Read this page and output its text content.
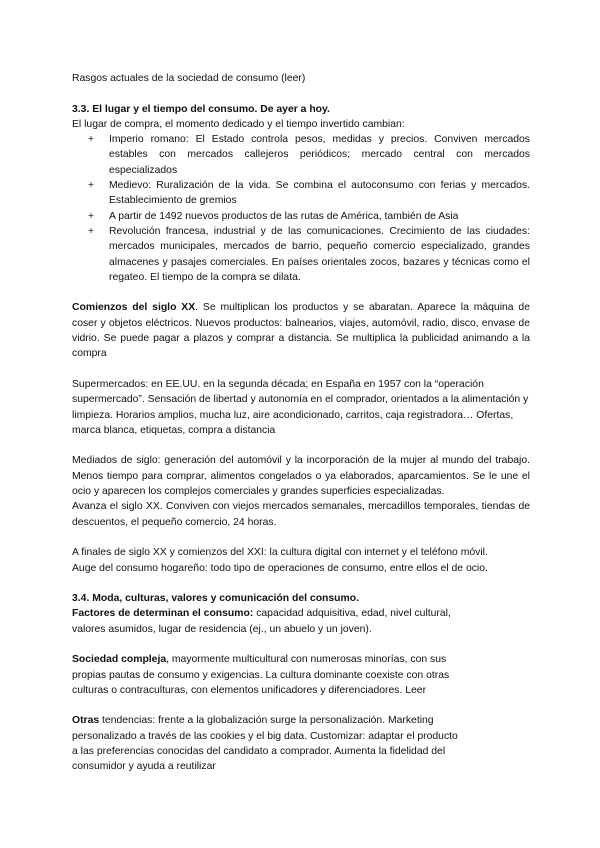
Rasgos actuales de la sociedad de consumo (leer)

3.3. El lugar y el tiempo del consumo. De ayer a hoy.

El lugar de compra, el momento dedicado y el tiempo invertido cambian:

+ Imperio romano: El Estado controla pesos, medidas y precios. Conviven mercados estables con mercados callejeros periódicos; mercado central con mercados especializados
+ Medievo: Ruralización de la vida. Se combina el autoconsumo con ferias y mercados. Establecimiento de gremios
+ A partir de 1492 nuevos productos de las rutas de América, también de Asia
+ Revolución francesa, industrial y de las comunicaciones. Crecimiento de las ciudades: mercados municipales, mercados de barrio, pequeño comercio especializado, grandes almacenes y pasajes comerciales. En países orientales zocos, bazares y técnicas como el regateo. El tiempo de la compra se dilata.

Comienzos del siglo XX. Se multiplican los productos y se abaratan. Aparece la máquina de coser y objetos eléctricos. Nuevos productos: balnearios, viajes, automóvil, radio, disco, envase de vidrio. Se puede pagar a plazos y comprar a distancia. Se multiplica la publicidad animando a la compra

Supermercados: en EE.UU. en la segunda década; en España en 1957 con la “operación supermercado”. Sensación de libertad y autonomía en el comprador, orientados a la alimentación y limpieza. Horarios amplios, mucha luz, aire acondicionado, carritos, caja registradora… Ofertas, marca blanca, etiquetas, compra a distancia

Mediados de siglo: generación del automóvil y la incorporación de la mujer al mundo del trabajo. Menos tiempo para comprar, alimentos congelados o ya elaborados, aparcamientos. Se le une el ocio y aparecen los complejos comerciales y grandes superficies especializadas.

Avanza el siglo XX. Conviven con viejos mercados semanales, mercadillos temporales, tiendas de descuentos, el pequeño comercio, 24 horas.

A finales de siglo XX y comienzos del XXI: la cultura digital con internet y el teléfono móvil.

Auge del consumo hogareño: todo tipo de operaciones de consumo, entre ellos el de ocio.

3.4. Moda, culturas, valores y comunicación del consumo.

Factores de determinan el consumo: capacidad adquisitiva, edad, nivel cultural,

valores asumidos, lugar de residencia (ej., un abuelo y un joven).

Sociedad compleja, mayormente multicultural con numerosas minorías, con sus

propias pautas de consumo y exigencias. La cultura dominante coexiste con otras

culturas o contraculturas, con elementos unificadores y diferenciadores. Leer

Otras tendencias: frente a la globalización surge la personalización. Marketing

personalizado a través de las cookies y el big data. Customizar: adaptar el producto

a las preferencias conocidas del candidato a comprador. Aumenta la fidelidad del

consumidor y ayuda a reutilizar
